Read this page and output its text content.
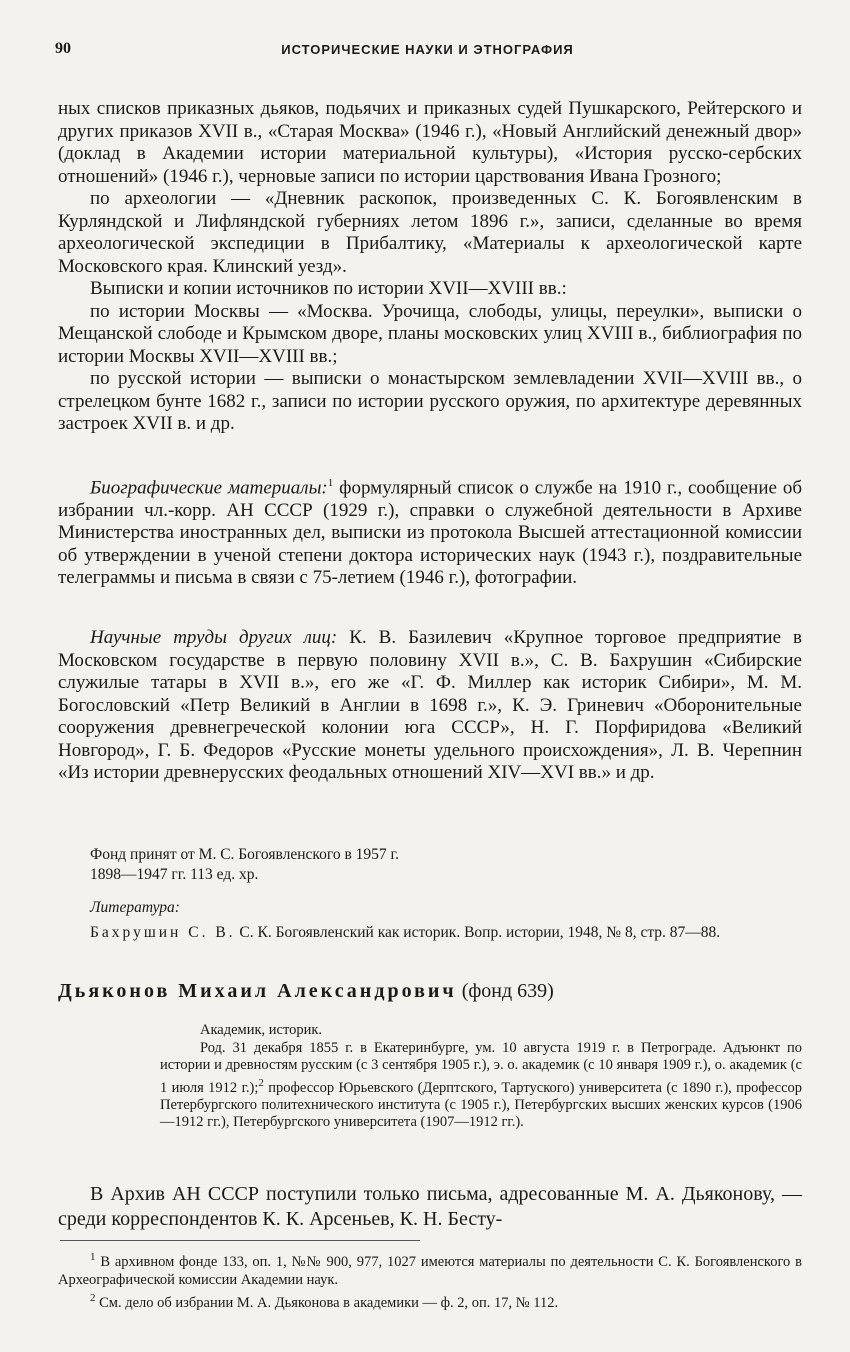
90	ИСТОРИЧЕСКИЕ НАУКИ И ЭТНОГРАФИЯ

ных списков приказных дьяков, подьячих и приказных судей Пушкарского, Рейтерского и других приказов XVII в., «Старая Москва» (1946 г.), «Новый Английский денежный двор» (доклад в Академии истории материальной культуры), «История русско-сербских отношений» (1946 г.), черновые записи по истории царствования Ивана Грозного;

по археологии — «Дневник раскопок, произведенных С. К. Богоявленским в Курляндской и Лифляндской губерниях летом 1896 г.», записи, сделанные во время археологической экспедиции в Прибалтику, «Материалы к археологической карте Московского края. Клинский уезд».

Выписки и копии источников по истории XVII—XVIII вв.:

по истории Москвы — «Москва. Урочища, слободы, улицы, переулки», выписки о Мещанской слободе и Крымском дворе, планы московских улиц XVIII в., библиография по истории Москвы XVII—XVIII вв.;

по русской истории — выписки о монастырском землевладении XVII—XVIII вв., о стрелецком бунте 1682 г., записи по истории русского оружия, по архитектуре деревянных застроек XVII в. и др.

Биографические материалы:$^1$ формулярный список о службе на 1910 г., сообщение об избрании чл.-корр. АН СССР (1929 г.), справки о служебной деятельности в Архиве Министерства иностранных дел, выписки из протокола Высшей аттестационной комиссии об утверждении в ученой степени доктора исторических наук (1943 г.), поздравительные телеграммы и письма в связи с 75-летием (1946 г.), фотографии.

Научные труды других лиц: К. В. Базилевич «Крупное торговое предприятие в Московском государстве в первую половину XVII в.», С. В. Бахрушин «Сибирские служилые татары в XVII в.», его же «Г. Ф. Миллер как историк Сибири», М. М. Богословский «Петр Великий в Англии в 1698 г.», К. Э. Гриневич «Оборонительные сооружения древнегреческой колонии юга СССР», Н. Г. Порфиридова «Великий Новгород», Г. Б. Федоров «Русские монеты удельного происхождения», Л. В. Черепнин «Из истории древнерусских феодальных отношений XIV—XVI вв.» и др.

Фонд принят от М. С. Богоявленского в 1957 г.

1898—1947 гг. 113 ед. хр.

Литература:

Бахрушин С. В. С. К. Богоявленский как историк. Вопр. истории, 1948, № 8, стр. 87—88.

Дьяконов Михаил Александрович (фонд 639)

Академик, историк.

Род. 31 декабря 1855 г. в Екатеринбурге, ум. 10 августа 1919 г. в Петрограде. Адъюнкт по истории и древностям русским (с 3 сентября 1905 г.), э. о. академик (с 10 января 1909 г.), о. академик (с 1 июля 1912 г.);$^2$ профессор Юрьевского (Дерптского, Тартуского) университета (с 1890 г.), профессор Петербургского политехнического института (с 1905 г.), Петербургских высших женских курсов (1906—1912 гг.), Петербургского университета (1907—1912 гг.).

В Архив АН СССР поступили только письма, адресованные М. А. Дьяконову, — среди корреспондентов К. К. Арсеньев, К. Н. Бесту-

$^1$ В архивном фонде 133, оп. 1, №№ 900, 977, 1027 имеются материалы по деятельности С. К. Богоявленского в Археографической комиссии Академии наук.

$^2$ См. дело об избрании М. А. Дьяконова в академики — ф. 2, оп. 17, № 112.
